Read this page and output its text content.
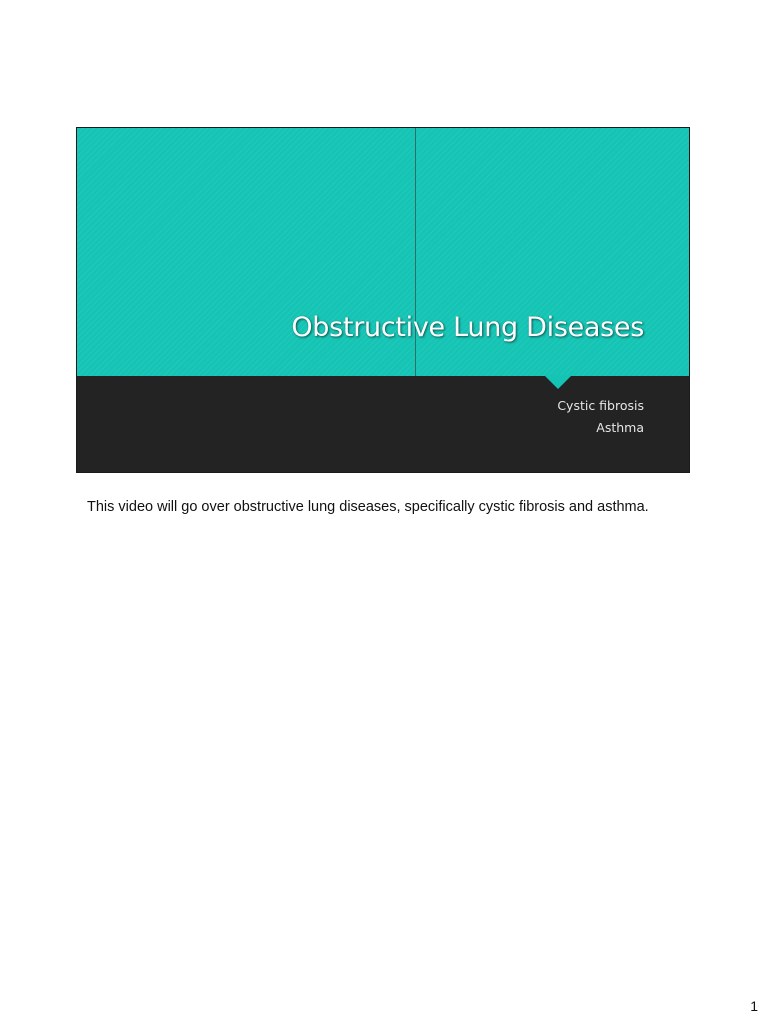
Obstructive Lung Diseases
Cystic fibrosis
Asthma

This video will go over obstructive lung diseases, specifically cystic fibrosis and asthma.

1
